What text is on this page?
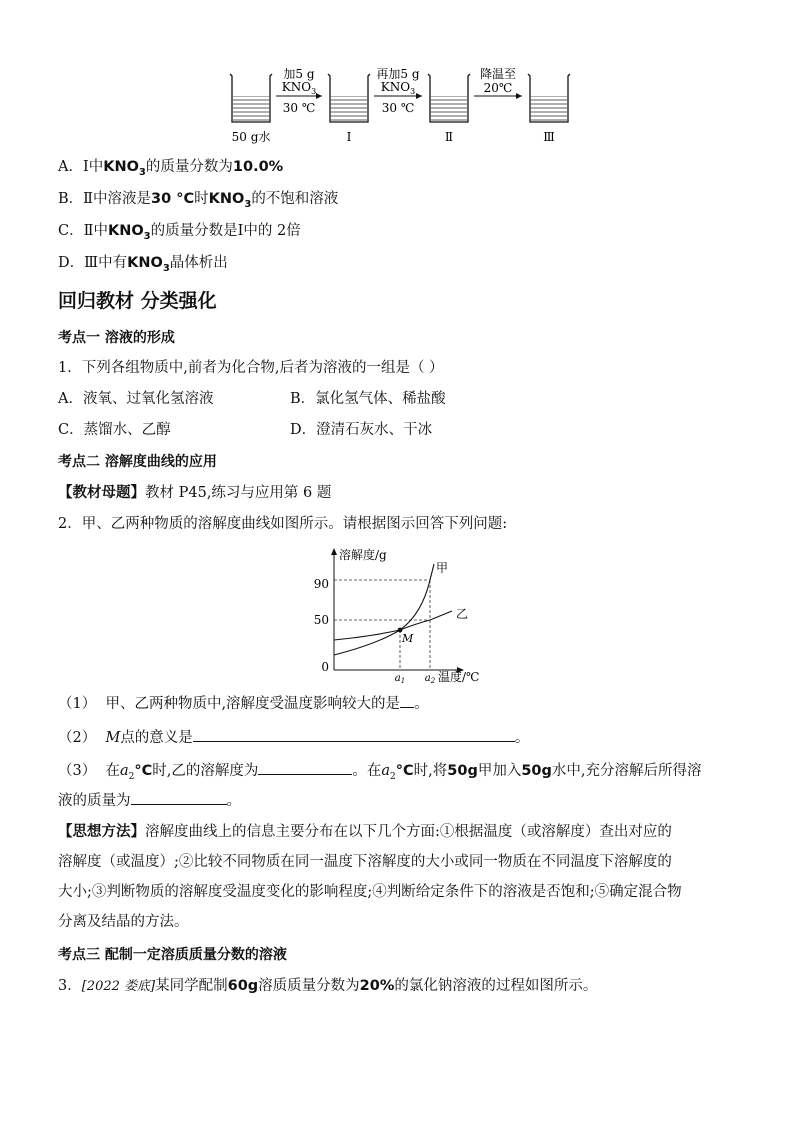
加5 g
$KNO_3$
30 ℃
再加5 g
$KNO_3$
30 ℃
降温至
20℃
50 g水	Ⅰ	Ⅱ	Ⅲ
A．Ⅰ中$KNO_3$的质量分数为10.0%
B．Ⅱ中溶液是30 °C时$KNO_3$的不饱和溶液
C．Ⅱ中$KNO_3$的质量分数是Ⅰ中的 2倍
D．Ⅲ中有$KNO_3$晶体析出
回归教材 分类强化
考点一 溶液的形成
1．下列各组物质中,前者为化合物,后者为溶液的一组是（ ）
A．液氧、过氧化氢溶液	B．氯化氢气体、稀盐酸
C．蒸馏水、乙醇	D．澄清石灰水、干冰
考点二 溶解度曲线的应用
【教材母题】教材 P45,练习与应用第 6 题
2．甲、乙两种物质的溶解度曲线如图所示。请根据图示回答下列问题:
溶解度/g
温度/℃
90
50
0
$a_1$ $a_2$
甲
乙
M
（1） 甲、乙两种物质中,溶解度受温度影响较大的是 。
（2） M点的意义是	。
（3） 在$a_2^\circ C$时,乙的溶解度为	。在$a_2^\circ C$时,将50g甲加入50g水中,充分溶解后所得溶
液的质量为	。
【思想方法】溶解度曲线上的信息主要分布在以下几个方面:①根据温度（或溶解度）查出对应的
溶解度（或温度）;②比较不同物质在同一温度下溶解度的大小或同一物质在不同温度下溶解度的
大小;③判断物质的溶解度受温度变化的影响程度;④判断给定条件下的溶液是否饱和;⑤确定混合物
分离及结晶的方法。
考点三 配制一定溶质质量分数的溶液
3．[2022 娄底]某同学配制60g溶质质量分数为20%的氯化钠溶液的过程如图所示。
